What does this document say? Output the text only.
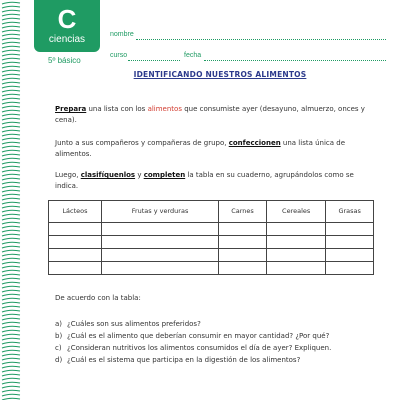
C
ciencias
5º básico
nombre
curso	fecha
IDENTIFICANDO NUESTROS ALIMENTOS

Prepara una lista con los alimentos que consumiste ayer (desayuno, almuerzo, onces y cena).

Junto a sus compañeros y compañeras de grupo, confeccionen una lista única de alimentos.

Luego, clasifíquenlos y completen la tabla en su cuaderno, agrupándolos como se indica.

Lácteos	Frutas y verduras	Carnes	Cereales	Grasas

De acuerdo con la tabla:
a) ¿Cuáles son sus alimentos preferidos?
b) ¿Cuál es el alimento que deberían consumir en mayor cantidad? ¿Por qué?
c) ¿Consideran nutritivos los alimentos consumidos el día de ayer? Expliquen.
d) ¿Cuál es el sistema que participa en la digestión de los alimentos?
